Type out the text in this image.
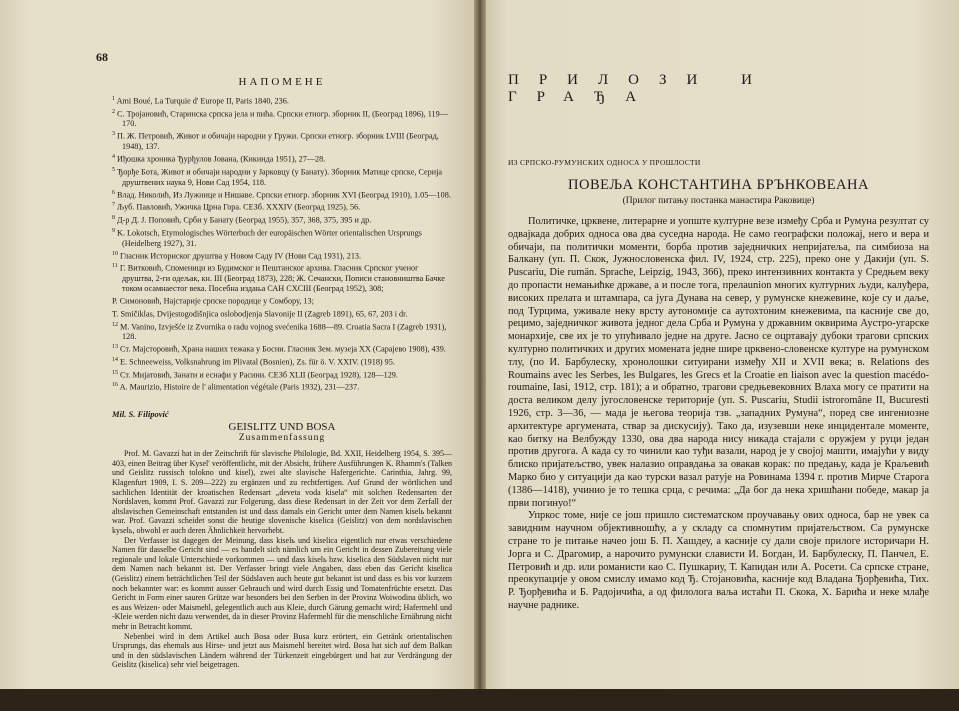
68
НАПОМЕНЕ
$^1$ Ami Boué, La Turquie d' Europe II, Paris 1840, 236.
$^2$ С. Тројановић, Старинска српска јела и пића. Српски етногр. зборник II, (Београд 1896), 119—170.
$^3$ П. Ж. Петровић, Живот и обичаји народни у Гружи. Српски етногр. зборник LVIII (Београд, 1948), 137.
$^4$ Иђошка хроника Ђурђулов Јована, (Кикинда 1951), 27—28.
$^5$ Ђорђе Бота, Живот и обичаји народни у Јарковцу (у Банату). Зборник Матице српске, Серија друштвених наука 9, Нови Сад 1954, 118.
$^6$ Влад. Николић, Из Лужнице и Нишаве. Српски етногр. зборник XVI (Београд 1910), 1.05—108.
$^7$ Љуб. Павловић, Ужичка Црна Гора. СЕЗб. XXXIV (Београд 1925), 56.
$^8$ Д-р Д. Ј. Поповић, Срби у Банату (Београд 1955), 357, 368, 375, 395 и др.
$^9$ K. Lokotsch, Etymologisches Wörterbuch der europäischen Wörter orientalischen Ursprungs (Heidelberg 1927), 31.
$^{10}$ Гласник Историског друштва у Новом Саду IV (Нови Сад 1931), 213.
$^{11}$ Г. Витковић, Споменици из Будимског и Пештанског архива. Гласник Српског ученог друштва, 2-ги одељак, кн. III (Београд 1873), 228; Ж. Сечански, Пописи становништва Бачке током осамнаестог века. Посебна издања САН CXCIII (Београд 1952), 308;
Р. Симоновић, Најстарије српске породице у Сомбору, 13;
T. Smičiklas, Dvijestogodišnjica oslobodjenja Slavonije II (Zagreb 1891), 65, 67, 203 i dr.
$^{12}$ M. Vanino, Izvješće iz Zvornika o radu vojnog svećenika 1688—89. Croatia Sacra I (Zagreb 1931), 128.
$^{13}$ Ст. Мајсторовић, Храна наших тежака у Босни. Гласник Зем. музеја XX (Сарајево 1908), 439.
$^{14}$ E. Schneeweiss, Volksnahrung im Plivatal (Bosnien), Zs. für ö. V. XXIV. (1918) 95.
$^{15}$ Ст. Мијатовић, Занати и еснафи у Расини. СЕЗб XLII (Београд 1928), 128—129.
$^{16}$ A. Maurizio, Histoire de l' alimentation végétale (Paris 1932), 231—237.
Mil. S. Filipović
GEISLITZ UND BOSA
Zusammenfassung

Prof. M. Gavazzi hat in der Zeitschrift für slavische Philologie, Bd. XXII, Heidelberg 1954, S. 395—403, einen Beitrag über Kysel' veröffentlicht, mit der Absicht, frühere Ausführungen K. Rhamm's (Talken und Geislitz russisch tolokno und kisel), zwei alte slavische Hafergerichte. Carinthia, Jahrg. 99, Klagenfurt 1909, I. S. 209—222) zu ergänzen und zu rechtfertigen. Auf Grund der wörtlichen und sachlichen Identität der kroatischen Redensart „deveta voda kisela“ mit solchen Redensarten der Nordslaven, kommt Prof. Gavazzi zur Folgerung, dass diese Redensart in der Zeit vor dem Zerfall der altslavischen Gemeinschaft entstanden ist und dass damals ein Gericht unter dem Namen kiselь bekannt war. Prof. Gavazzi scheidet sonst die heutige slovenische kiselica (Geislitz) von dem nordslavischen kyselь, obwohl er auch deren Ähnlichkeit hervorhebt.

Der Verfasser ist dagegen der Meinung, dass kiselь und kiselica eigentlich nur etwas verschiedene Namen für dasselbe Gericht sind — es handelt sich nämlich um ein Gericht in dessen Zubereitung viele regionale und lokale Unterschiede vorkommen — und dass kiselь bzw. kiselica den Südslaven nicht nur dem Namen nach bekannt ist. Der Verfasser bringt viele Angaben, dass eben das Gericht kiselica (Geislitz) einem beträchtlichen Teil der Südslaven auch heute gut bekannt ist und dass es bis vor kurzem noch bekannter war: es kommt ausser Gebrauch und wird durch Essig und Tomatenfrüchte ersetzt. Das Gericht in Form einer sauren Grütze war besonders bei den Serben in der Provinz Woiwodina üblich, wo es aus Weizen- oder Maismehl, gelegentlich auch aus Kleie, durch Gärung gemacht wird; Hafermehl und -Kleie werden nicht dazu verwendet, da in dieser Provinz Hafermehl für die menschliche Ernährung nicht mehr in Betracht kommt.

Nebenbei wird in dem Artikel auch Bosa oder Busa kurz erörtert, ein Getränk orientalischen Ursprungs, das ehemals aus Hirse- und jetzt aus Maismehl bereitet wird. Bosa hat sich auf dem Balkan und in den südslavischen Ländern während der Türkenzeit eingebürgert und hat zur Verdrängung der Geislitz (kiselica) sehr viel beigetragen.

ПРИЛОЗИ И ГРАЂА
ИЗ СРПСКО-РУМУНСКИХ ОДНОСА У ПРОШЛОСТИ
ПОВЕЉА КОНСТАНТИНА БРЪНКОВЕАНА
(Прилог питању постанка манастира Раковице)

Политичке, црквене, литерарне и уопште културне везе између Срба и Румуна резултат су одвајкада добрих односа ова два суседна народа. Не само географски положај, него и вера и обичаји, па политички моменти, борба против заједничких непријатеља, па симбиоза на Балкану (уп. П. Скок, Јужнословенска фил. IV, 1924, стр. 225), преко оне у Дакији (уп. S. Puscariu, Die rumän. Sprache, Leipzig, 1943, 366), преко интензивних контакта у Средњем веку до пропасти немањићке државе, а и после тога, прелаunion многих културних људи, калуђера, високих прелата и штампара, са југа Дунава на север, у румунске кнежевине, које су и даље, под Турцима, уживале неку врсту аутономије са аутохтоним кнежевима, па касније све до, рецимо, заједничког живота једног дела Срба и Румуна у државним оквирима Аустро-угарске монархије, све их је то упућивало једне на друге. Јасно се оцртавају дубоки трагови српских културно политичких и других момената једне шире црквено-словенске културе на румунском тлу, (по И. Барбулеску, хронолошки ситуирани између XII и XVII века; в. Relations des Roumains avec les Serbes, les Bulgares, les Grecs et la Croatie en liaison avec la question macédo-roumaine, Iasi, 1912, стр. 181); а и обратно, трагови средњевековних Влаха могу се пратити на доста великом делу југословенске територије (уп. S. Puscariu, Studii istroromâne II, Bucuresti 1926, стр. 3—36, — мада је његова теорија тзв. „западних Румуна“, поред све ингениозне архитектуре аргумената, ствар за дискусију). Тако да, изузевши неке инцидентале моменте, као битку на Велбужду 1330, ова два народа нису никада стајали с оружјем у руци један против другога. А када су то чинили као туђи вазали, народ је у својој машти, имајући у виду блиско пријатељство, увек налазио оправдања за овакав корак: по предању, када је Краљевић Марко био у ситуацији да као турски вазал ратује на Ровинама 1394 г. против Мирче Старога (1386—1418), учинио је то тешка срца, с речима: „Да бог да нека хришћани победе, макар ја први погинуо!“

Упркос томе, није се још пришло систематском проучавању ових односа, бар не увек са завидним научном објективношћу, а у складу са спомнутим пријатељством. Са румунске стране то је питање начео још Б. П. Хашдеу, а касније су дали своје прилоге историчари Н. Јорга и С. Драгомир, а нарочито румунски слависти И. Богдан, И. Барбулеску, П. Панчел, Е. Петровић и др. или романисти као С. Пушкариу, Т. Капидан или А. Росети. Са српске стране, преокупације у овом смислу имамо код Ђ. Стојановића, касније код Владана Ђорђевића, Тих. Р. Ђорђевића и Б. Радојичића, а од филолога ваља истаћи П. Скока, Х. Барића и неке млађе научне раднике.
